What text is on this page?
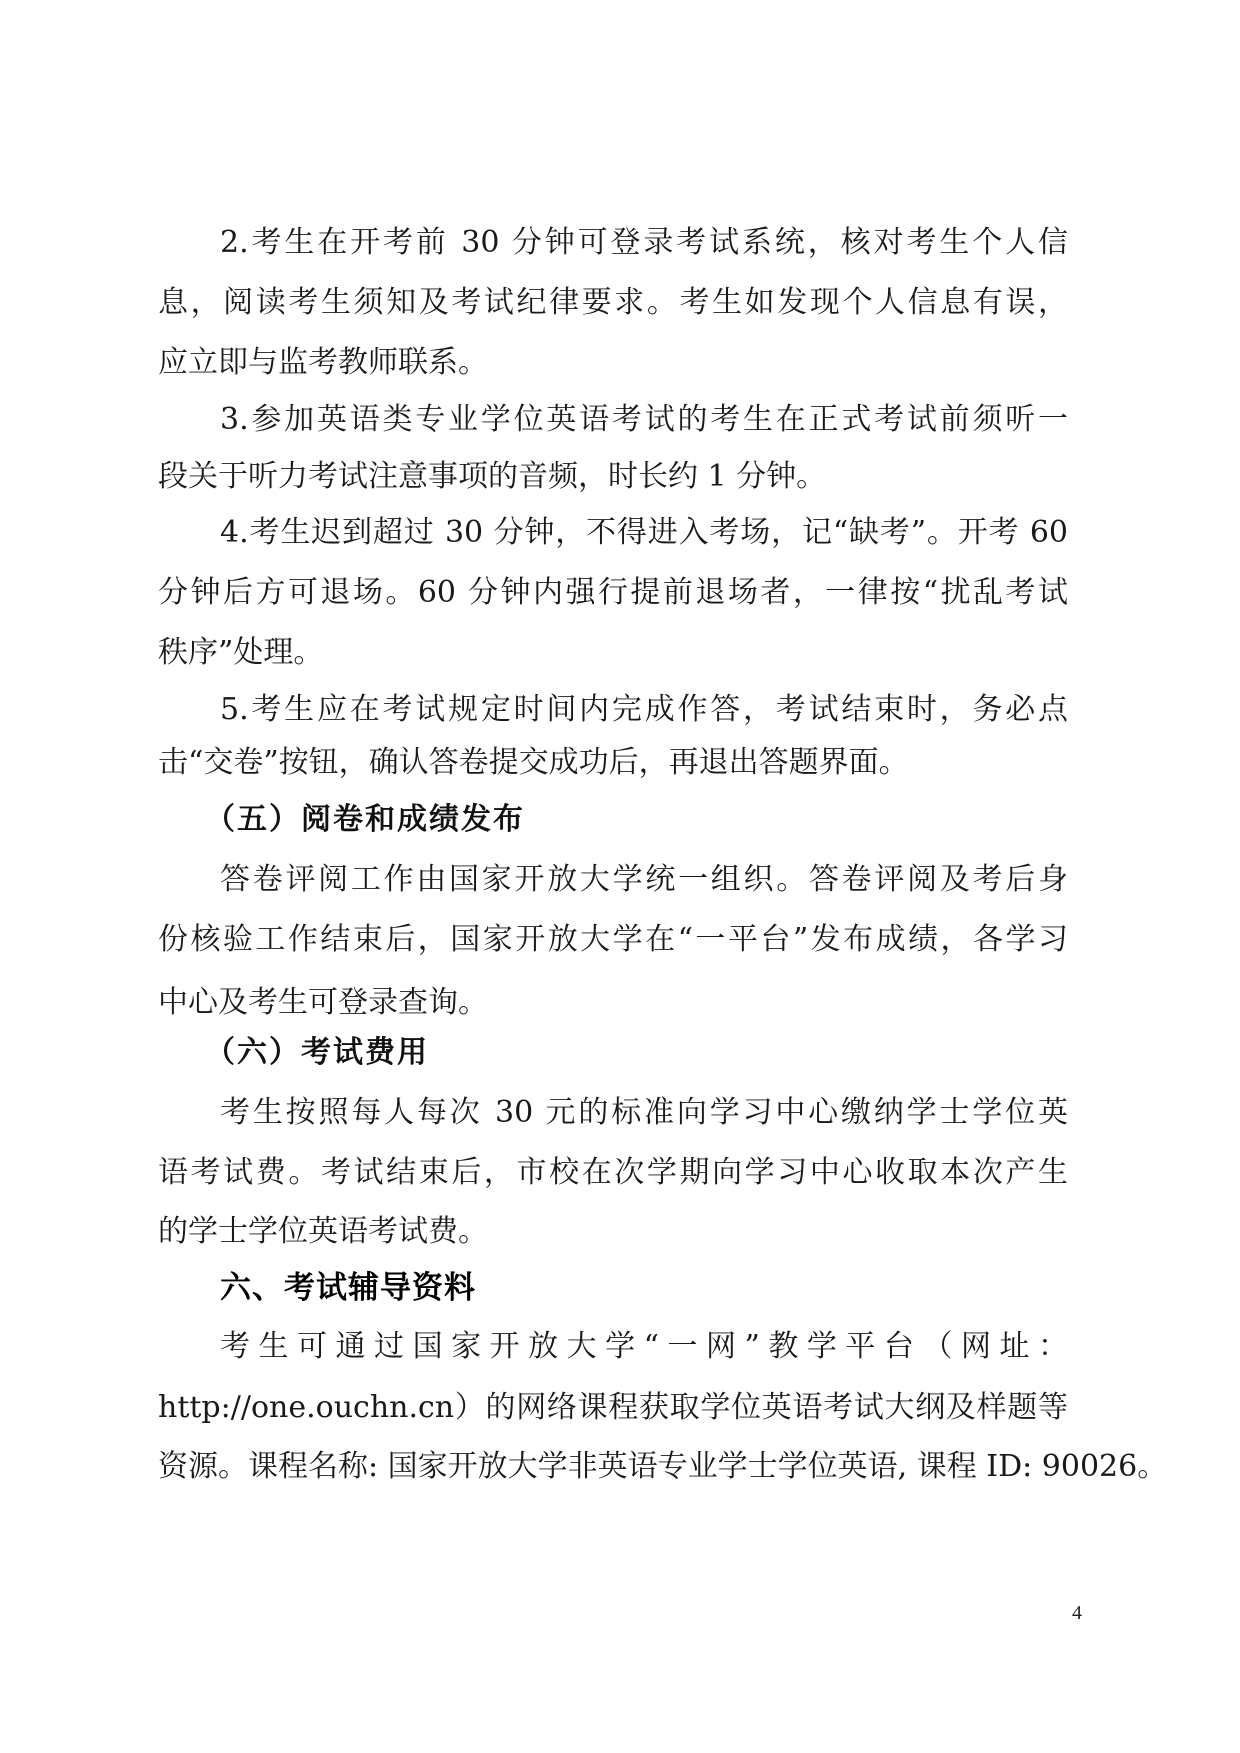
2.考生在开考前 30 分钟可登录考试系统，核对考生个人信
息，阅读考生须知及考试纪律要求。考生如发现个人信息有误，
应立即与监考教师联系。
3.参加英语类专业学位英语考试的考生在正式考试前须听一
段关于听力考试注意事项的音频，时长约 1 分钟。
4.考生迟到超过 30 分钟，不得进入考场，记“缺考”。开考 60
分钟后方可退场。60 分钟内强行提前退场者，一律按“扰乱考试
秩序”处理。
5.考生应在考试规定时间内完成作答，考试结束时，务必点
击“交卷”按钮，确认答卷提交成功后，再退出答题界面。
（五）阅卷和成绩发布
答卷评阅工作由国家开放大学统一组织。答卷评阅及考后身
份核验工作结束后，国家开放大学在“一平台”发布成绩，各学习
中心及考生可登录查询。
（六）考试费用
考生按照每人每次 30 元的标准向学习中心缴纳学士学位英
语考试费。考试结束后，市校在次学期向学习中心收取本次产生
的学士学位英语考试费。
六、考试辅导资料
考生可通过国家开放大学“一网”教学平台（网址：
http://one.ouchn.cn）的网络课程获取学位英语考试大纲及样题等
资源。课程名称: 国家开放大学非英语专业学士学位英语, 课程 ID: 90026。
4
